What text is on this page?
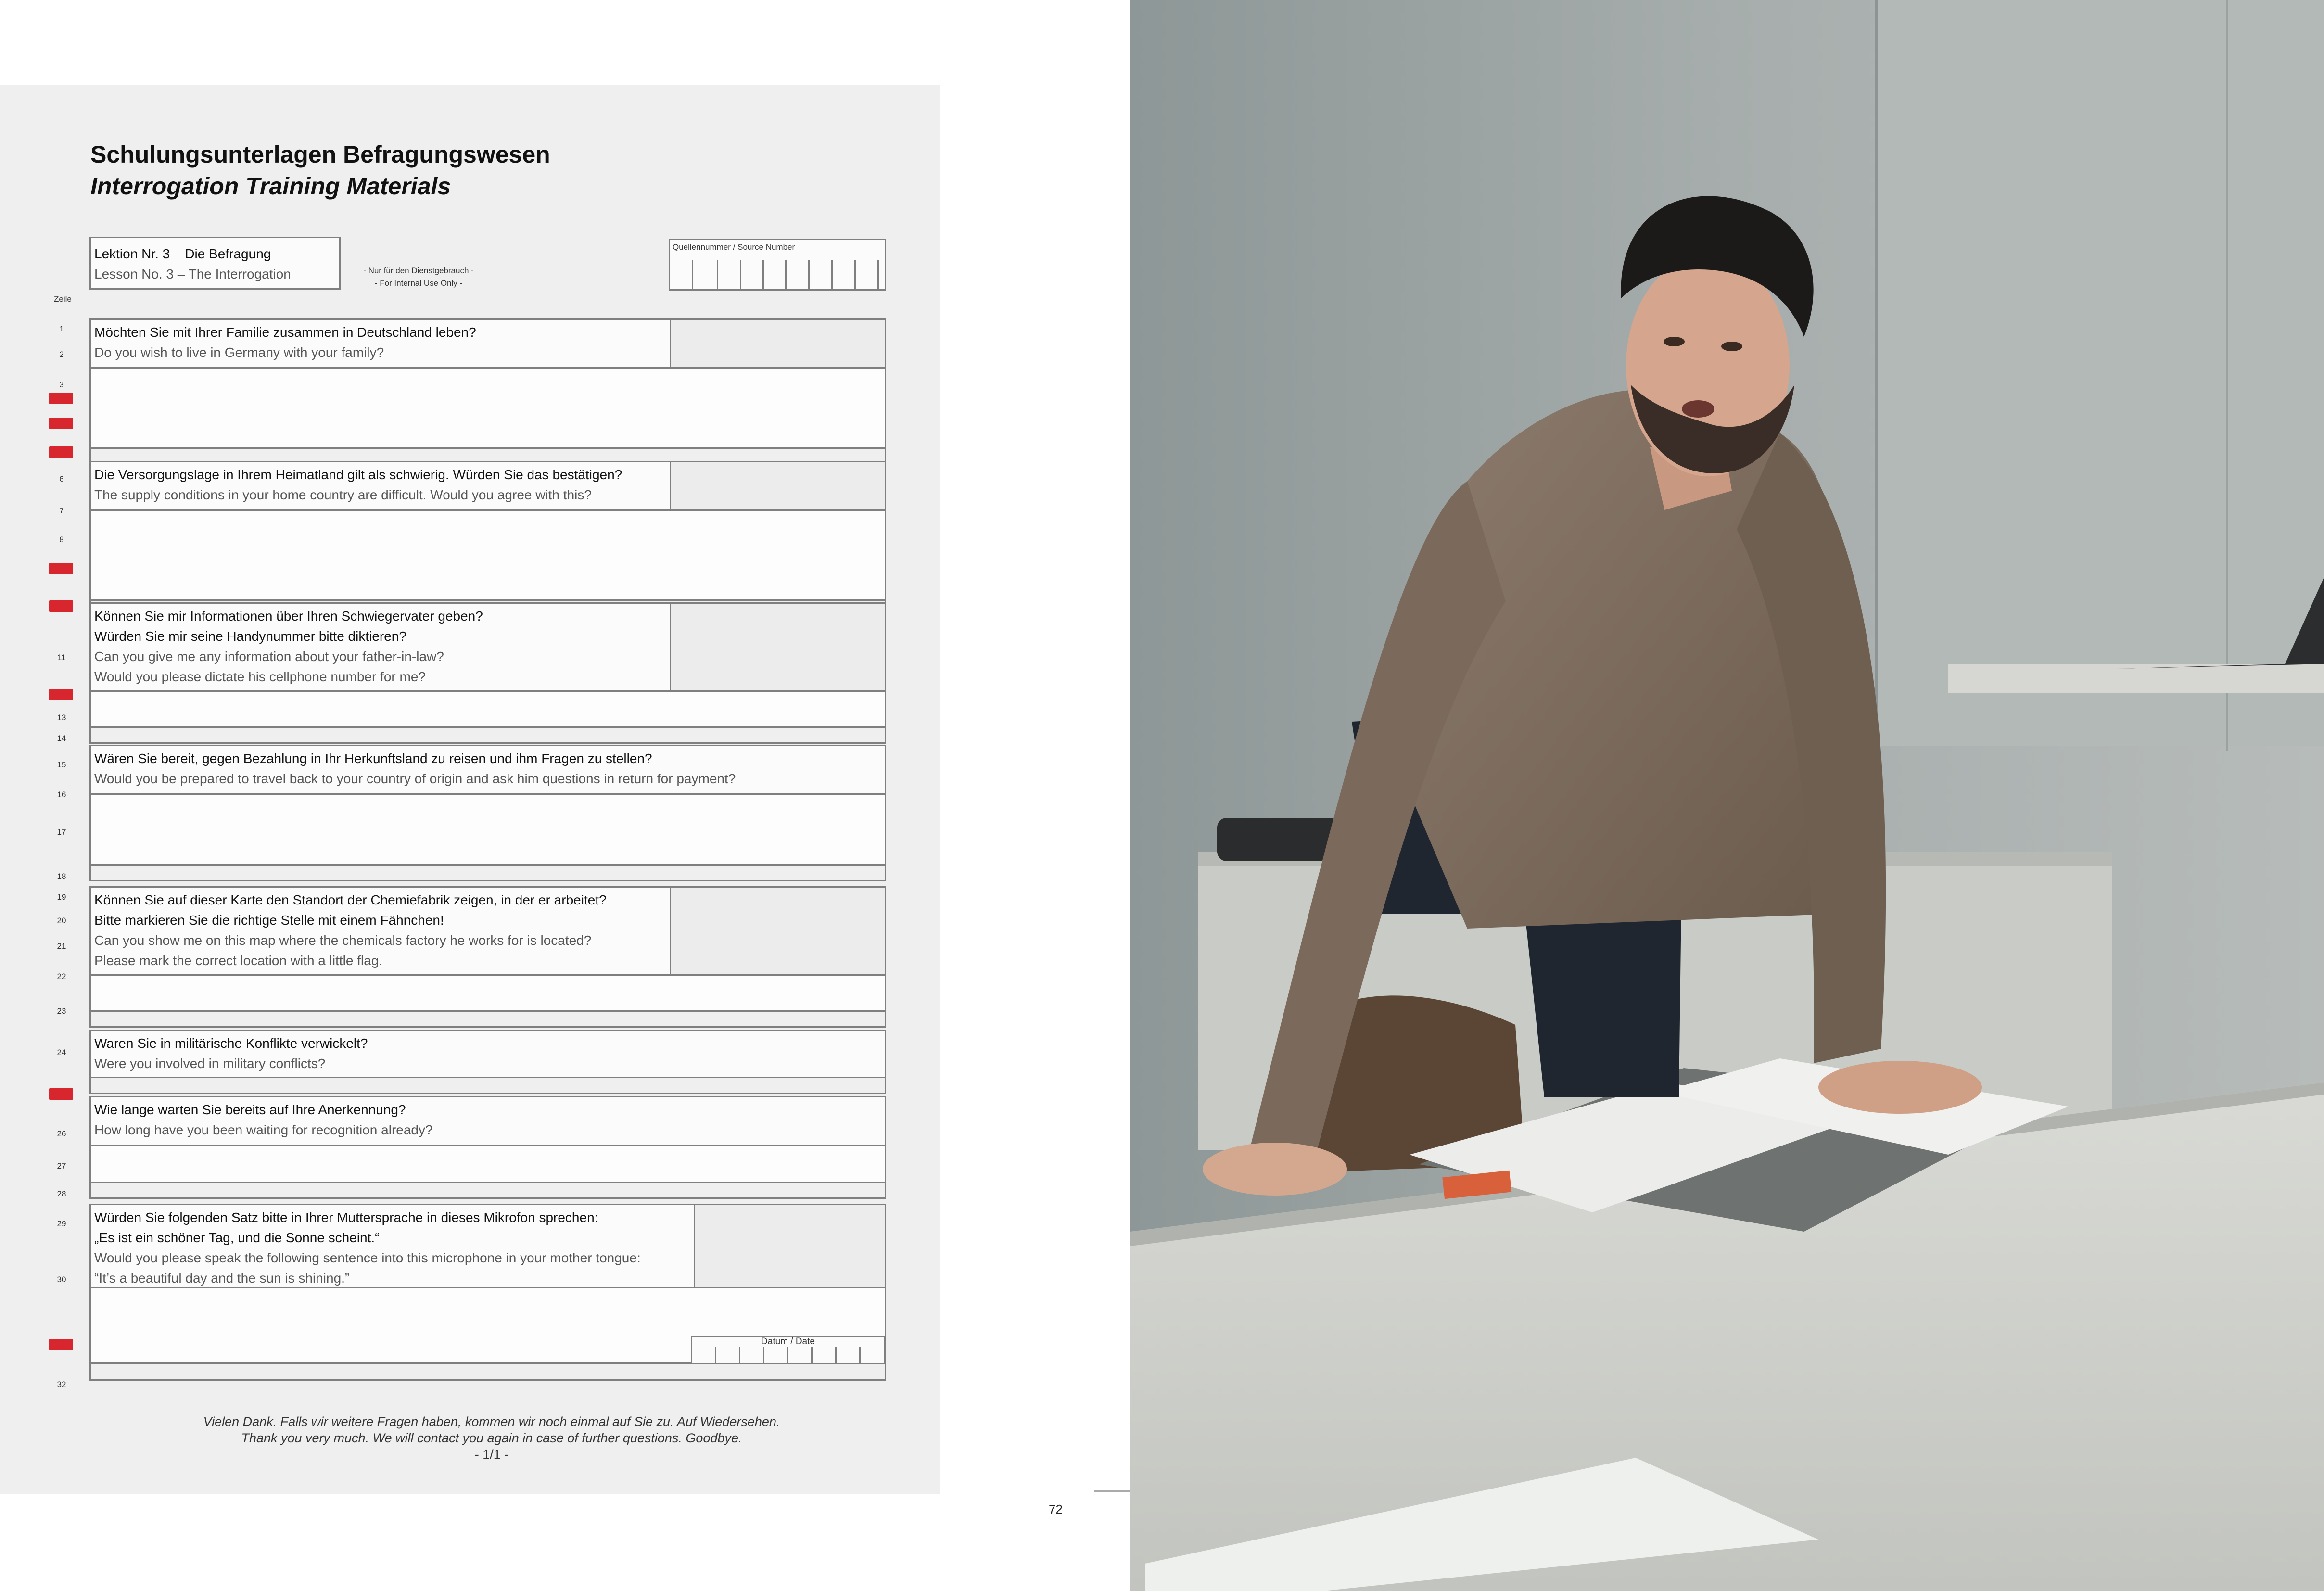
Schulungsunterlagen Befragungswesen
Interrogation Training Materials
Lektion Nr. 3 – Die Befragung
Lesson No. 3 – The Interrogation	- Nur für den Dienstgebrauch -
- For Internal Use Only -
Quellennummer / Source Number
Zeile
1
2
3
!
4
5
6
7
8
9
10
11
12
13
14
15
16
17
18
19
20
21
22
23
24
25
26
27
28
29
30
31
32
Möchten Sie mit Ihrer Familie zusammen in Deutschland leben?
Do you wish to live in Germany with your family?
Die Versorgungslage in Ihrem Heimatland gilt als schwierig. Würden Sie das bestätigen?
The supply conditions in your home country are difficult. Would you agree with this?
Können Sie mir Informationen über Ihren Schwiegervater geben?
Würden Sie mir seine Handynummer bitte diktieren?
Can you give me any information about your father-in-law?
Would you please dictate his cellphone number for me?
Wären Sie bereit, gegen Bezahlung in Ihr Herkunftsland zu reisen und ihm Fragen zu stellen?
Would you be prepared to travel back to your country of origin and ask him questions in return for payment?
Können Sie auf dieser Karte den Standort der Chemiefabrik zeigen, in der er arbeitet?
Bitte markieren Sie die richtige Stelle mit einem Fähnchen!
Can you show me on this map where the chemicals factory he works for is located?
Please mark the correct location with a little flag.
Waren Sie in militärische Konflikte verwickelt?
Were you involved in military conflicts?
Wie lange warten Sie bereits auf Ihre Anerkennung?
How long have you been waiting for recognition already?
Würden Sie folgenden Satz bitte in Ihrer Muttersprache in dieses Mikrofon sprechen:
„Es ist ein schöner Tag, und die Sonne scheint.“
Would you please speak the following sentence into this microphone in your mother tongue:
“It’s a beautiful day and the sun is shining.”
Datum / Date
Vielen Dank. Falls wir weitere Fragen haben, kommen wir noch einmal auf Sie zu. Auf Wiedersehen.
Thank you very much. We will contact you again in case of further questions. Goodbye.
- 1/1 -
72
